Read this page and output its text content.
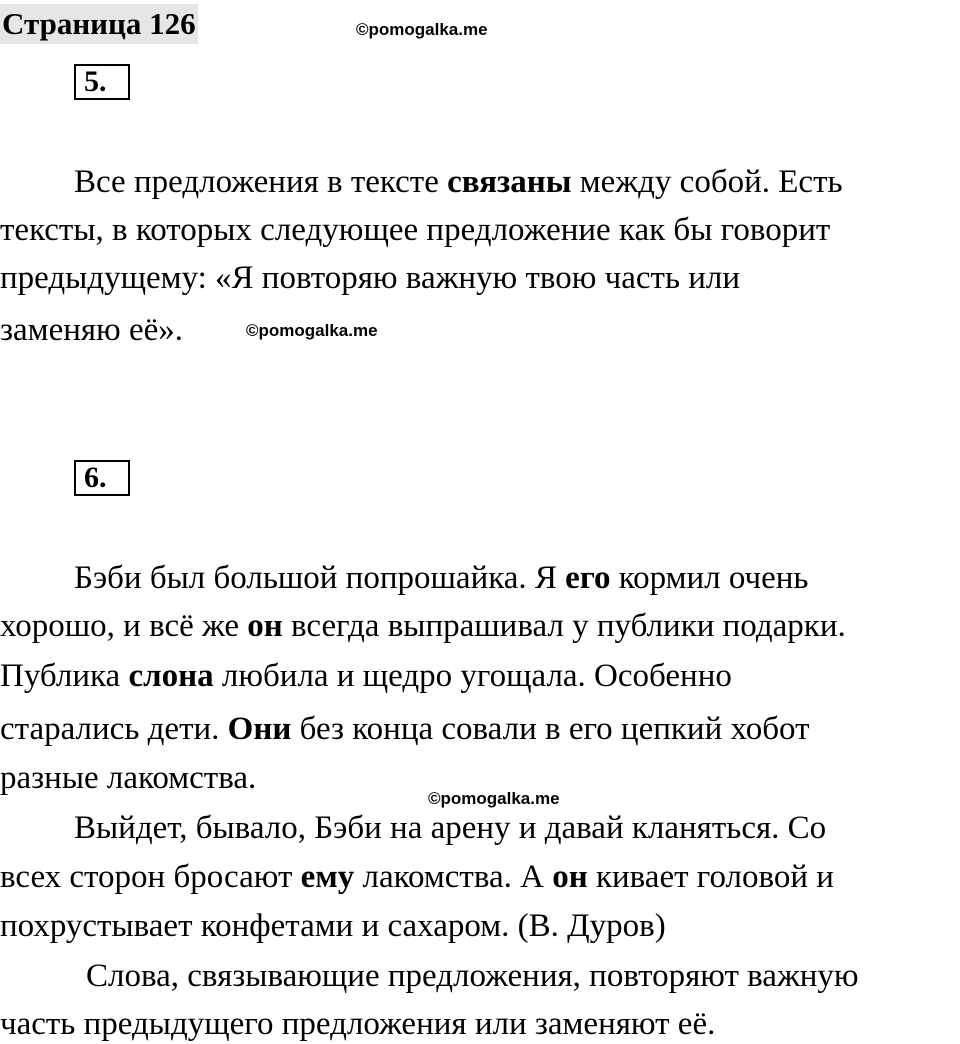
Страница 126	©pomogalka.me
5.
Все предложения в тексте связаны между собой. Есть
тексты, в которых следующее предложение как бы говорит
предыдущему: «Я повторяю важную твою часть или
заменяю её».	©pomogalka.me
6.
Бэби был большой попрошайка. Я его кормил очень
хорошо, и всё же он всегда выпрашивал у публики подарки.
Публика слона любила и щедро угощала. Особенно
старались дети. Они без конца совали в его цепкий хобот
разные лакомства.
©pomogalka.me
Выйдет, бывало, Бэби на арену и давай кланяться. Со
всех сторон бросают ему лакомства. А он кивает головой и
похрустывает конфетами и сахаром. (В. Дуров)
Слова, связывающие предложения, повторяют важную
часть предыдущего предложения или заменяют её.
